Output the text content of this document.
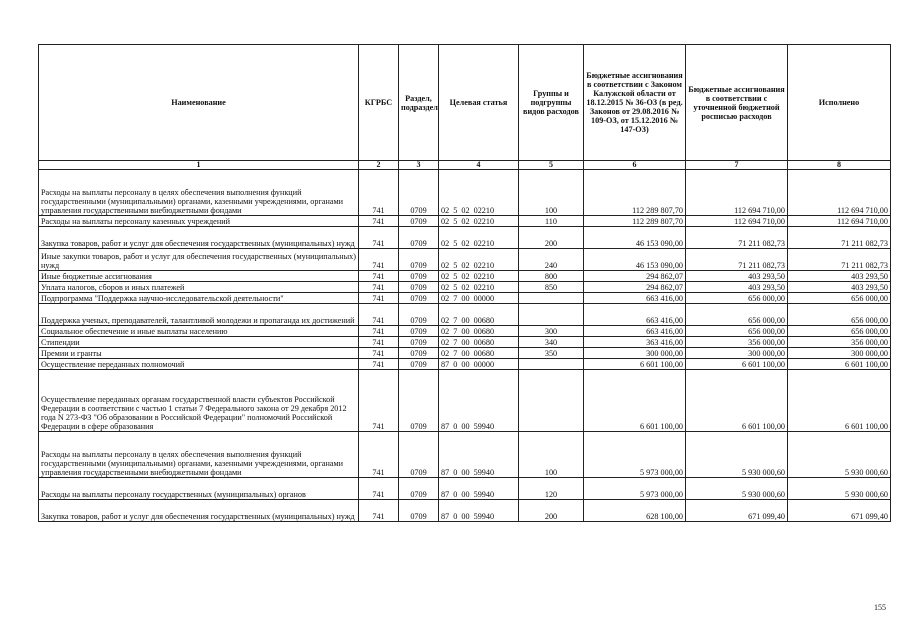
Наименование	КГРБС	Раздел, подраздел	Целевая статья	Группы и подгруппы видов расходов	Бюджетные ассигнования в соответствии с Законом Калужской области от 18.12.2015 № 36-ОЗ (в ред. Законов от 29.08.2016 № 109-ОЗ, от 15.12.2016 № 147-ОЗ)	Бюджетные ассигнования в соответствии с уточненной бюджетной росписью расходов	Исполнено
1	2	3	4	5	6	7	8
Расходы на выплаты персоналу в целях обеспечения выполнения функций государственными (муниципальными) органами, казенными учреждениями, органами управления государственными внебюджетными фондами	741	0709	02 5 02 02210	100	112 289 807,70	112 694 710,00	112 694 710,00
Расходы на выплаты персоналу казенных учреждений	741	0709	02 5 02 02210	110	112 289 807,70	112 694 710,00	112 694 710,00
Закупка товаров, работ и услуг для обеспечения государственных (муниципальных) нужд	741	0709	02 5 02 02210	200	46 153 090,00	71 211 082,73	71 211 082,73
Иные закупки товаров, работ и услуг для обеспечения государственных (муниципальных) нужд	741	0709	02 5 02 02210	240	46 153 090,00	71 211 082,73	71 211 082,73
Иные бюджетные ассигнования	741	0709	02 5 02 02210	800	294 862,07	403 293,50	403 293,50
Уплата налогов, сборов и иных платежей	741	0709	02 5 02 02210	850	294 862,07	403 293,50	403 293,50
Подпрограмма "Поддержка научно-исследовательской деятельности"	741	0709	02 7 00 00000		663 416,00	656 000,00	656 000,00
Поддержка ученых, преподавателей, талантливой молодежи и пропаганда их достижений	741	0709	02 7 00 00680		663 416,00	656 000,00	656 000,00
Социальное обеспечение и иные выплаты населению	741	0709	02 7 00 00680	300	663 416,00	656 000,00	656 000,00
Стипендии	741	0709	02 7 00 00680	340	363 416,00	356 000,00	356 000,00
Премии и гранты	741	0709	02 7 00 00680	350	300 000,00	300 000,00	300 000,00
Осуществление переданных полномочий	741	0709	87 0 00 00000		6 601 100,00	6 601 100,00	6 601 100,00
Осуществление переданных органам государственной власти субъектов Российской Федерации в соответствии с частью 1 статьи 7 Федерального закона от 29 декабря 2012 года N 273-ФЗ "Об образовании в Российской Федерации" полномочий Российской Федерации в сфере образования	741	0709	87 0 00 59940		6 601 100,00	6 601 100,00	6 601 100,00
Расходы на выплаты персоналу в целях обеспечения выполнения функций государственными (муниципальными) органами, казенными учреждениями, органами управления государственными внебюджетными фондами	741	0709	87 0 00 59940	100	5 973 000,00	5 930 000,60	5 930 000,60
Расходы на выплаты персоналу государственных (муниципальных) органов	741	0709	87 0 00 59940	120	5 973 000,00	5 930 000,60	5 930 000,60
Закупка товаров, работ и услуг для обеспечения государственных (муниципальных) нужд	741	0709	87 0 00 59940	200	628 100,00	671 099,40	671 099,40
155
